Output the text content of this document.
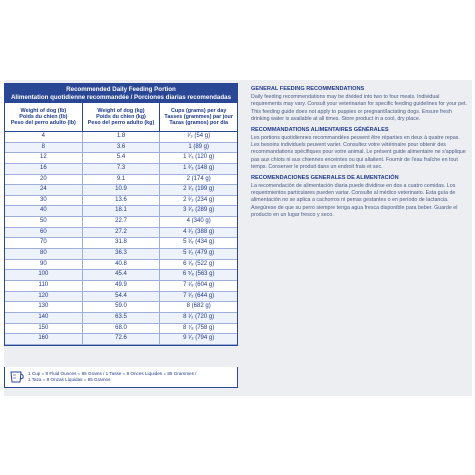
Recommended Daily Feeding Portion
Alimentation quotidienne recommandée / Porciones diarias recomendadas
Weight of dog (lb)
Poids du chien (lb)
Peso del perro adulto (lb)
Weight of dog (kg)
Poids du chien (kg)
Peso del perro adulto (kg)
Cups (grams) per day
Tasses (grammes) par jour
Tazas (gramos) por día
4	1.8	¹⁄₃ (54 g)
8	3.6	1 (89 g)
12	5.4	1 ¹⁄₃ (120 g)
16	7.3	1 ²⁄₃ (148 g)
20	9.1	2 (174 g)
24	10.9	2 ¹⁄₃ (199 g)
30	13.6	2 ²⁄₃ (234 g)
40	18.1	3 ¹⁄₃ (289 g)
50	22.7	4 (340 g)
60	27.2	4 ¹⁄₂ (388 g)
70	31.8	5 ¹⁄₈ (434 g)
80	36.3	5 ¹⁄₂ (479 g)
90	40.8	6 ¹⁄₈ (522 g)
100	45.4	6 ⁵⁄₈ (563 g)
110	49.9	7 ¹⁄₈ (604 g)
120	54.4	7 ¹⁄₂ (644 g)
130	59.0	8 (682 g)
140	63.5	8 ¹⁄₂ (720 g)
150	68.0	8 ⁷⁄₈ (758 g)
160	72.6	9 ¹⁄₃ (794 g)
1 Cup = 8 Fluid Ounces = 85 Grams / 1 Tasse = 8 Onces Liquides = 85 Grammes /
1 Taza = 8 Onzas Líquidas = 85 Gramos
GENERAL FEEDING RECOMMENDATIONS

Daily feeding recommendations may be divided into two to four meals. Individual requirements may vary. Consult your veterinarian for specific feeding guidelines for your pet. This feeding guide does not apply to puppies or pregnant/lactating dogs. Ensure fresh drinking water is available at all times. Store product in a cool, dry place.

RECOMMANDATIONS ALIMENTAIRES GÉNÉRALES

Les portions quotidiennes recommandées peuvent être réparties en deux à quatre repas. Les besoins individuels peuvent varier. Consultez votre vétérinaire pour obtenir des recommandations spécifiques pour votre animal. Le présent guide alimentaire ne s'applique pas aux chiots ni aux chiennes enceintes ou qui allaitent. Fournir de l'eau fraîche en tout temps. Conserver le produit dans un endroit frais et sec.

RECOMENDACIONES GENERALES DE ALIMENTACIÓN

La recomendación de alimentación diaria puede dividirse en dos a cuatro comidas. Los requerimientos particulares pueden variar. Consulte al médico veterinario. Esta guía de alimentación no se aplica a cachorros ni perras gestantes o en período de lactancia. Asegúrese de que su perro siempre tenga agua fresca disponible para beber. Guarde el producto en un lugar fresco y seco.
